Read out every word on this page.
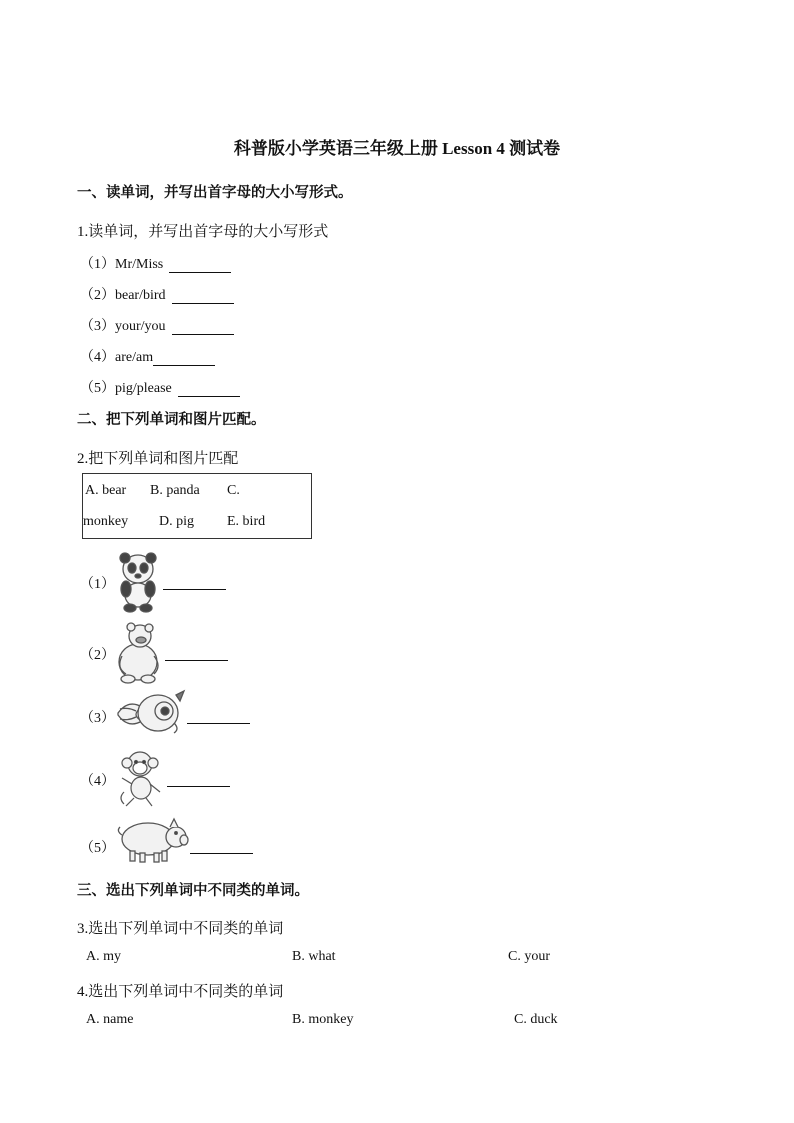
科普版小学英语三年级上册 Lesson 4 测试卷
一、读单词，并写出首字母的大小写形式。
1.读单词，并写出首字母的大小写形式
（1）Mr/Miss
（2）bear/bird
（3）your/you
（4）are/am
（5）pig/please
二、把下列单词和图片匹配。
2.把下列单词和图片匹配
A. bear B. panda C.
monkey D. pig E. bird
（1）
（2）
（3）
（4）
（5）
三、选出下列单词中不同类的单词。
3.选出下列单词中不同类的单词
A. my	B. what	C. your
4.选出下列单词中不同类的单词
A. name	B. monkey	C. duck
